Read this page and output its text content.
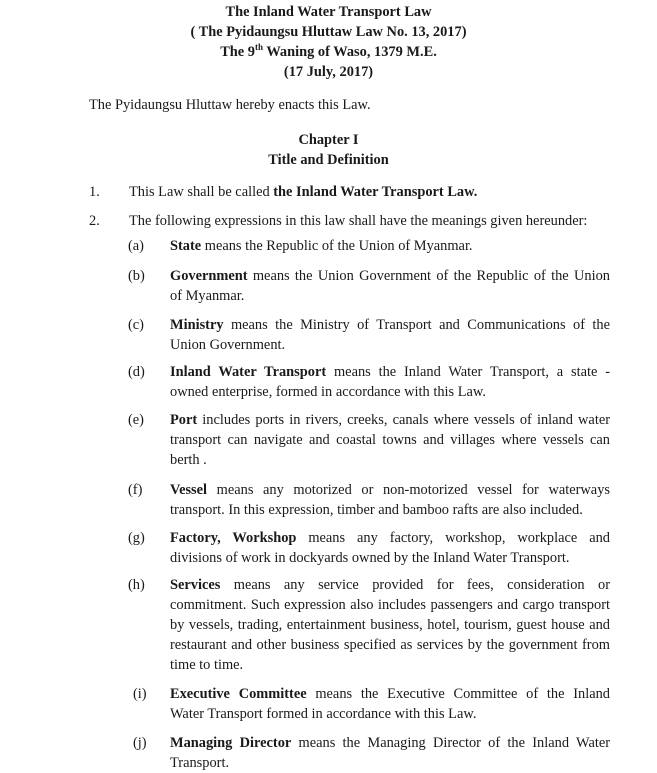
The Inland Water Transport Law
( The Pyidaungsu Hluttaw Law No. 13, 2017)
The 9th Waning of Waso, 1379 M.E.
(17 July, 2017)
The Pyidaungsu Hluttaw hereby enacts this Law.
Chapter I
Title and Definition
1. This Law shall be called the Inland Water Transport Law.
2. The following expressions in this law shall have the meanings given hereunder:
(a)	State means the Republic of the Union of Myanmar.
(b)	Government means the Union Government of the Republic of the Union
of Myanmar.
(c)	Ministry means the Ministry of Transport and Communications of the
Union Government.
(d)	Inland Water Transport means the Inland Water Transport, a state -
owned enterprise, formed in accordance with this Law.
(e)	Port includes ports in rivers, creeks, canals where vessels of inland water
transport can navigate and coastal towns and villages where vessels can
berth .
(f)	Vessel means any motorized or non-motorized vessel for waterways
transport. In this expression, timber and bamboo rafts are also included.
(g)	Factory, Workshop means any factory, workshop, workplace and
divisions of work in dockyards owned by the Inland Water Transport.
(h)	Services means any service provided for fees, consideration or
commitment. Such expression also includes passengers and cargo transport
by vessels, trading, entertainment business, hotel, tourism, guest house and
restaurant and other business specified as services by the government from
time to time.
(i)	Executive Committee means the Executive Committee of the Inland
Water Transport formed in accordance with this Law.
(j)	Managing Director means the Managing Director of the Inland Water
Transport.
